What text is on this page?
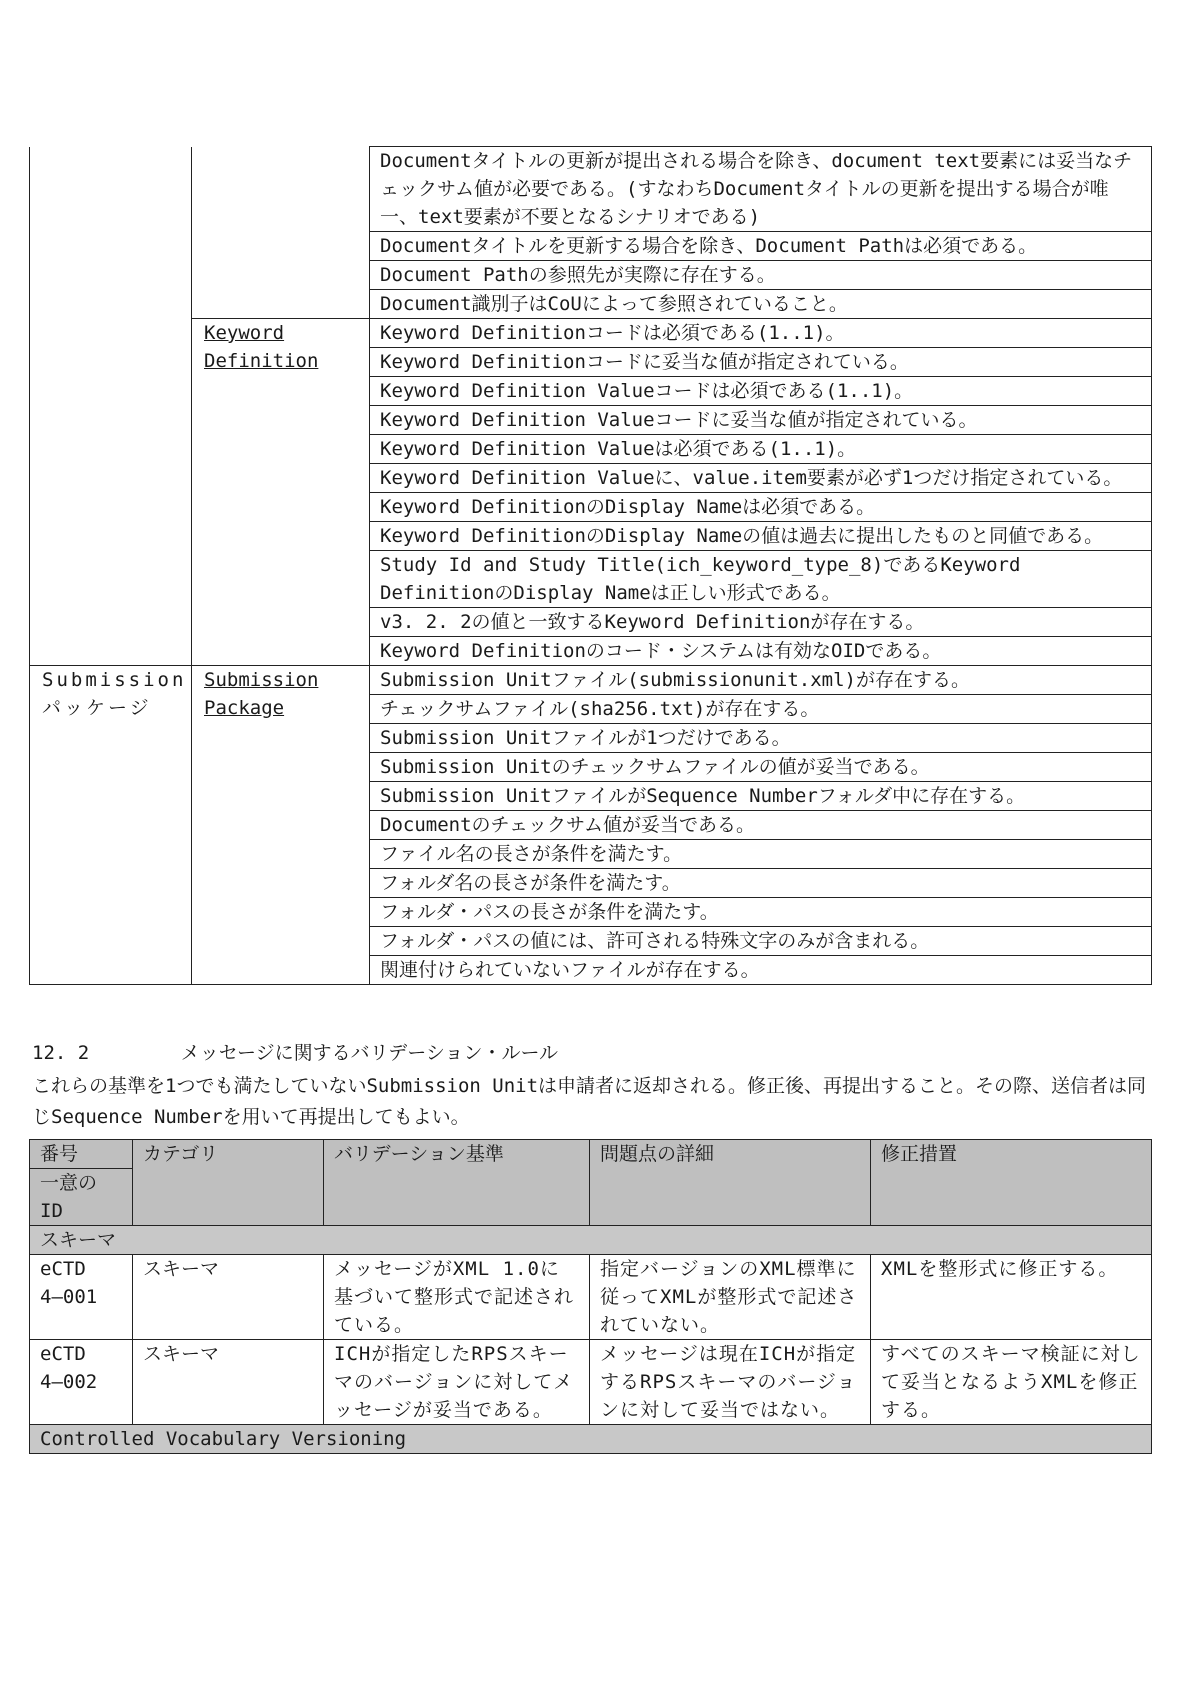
		Documentタイトルの更新が提出される場合を除き、document text要素には妥当なチェックサム値が必要である。(すなわちDocumentタイトルの更新を提出する場合が唯一、text要素が不要となるシナリオである)
		Documentタイトルを更新する場合を除き、Document Pathは必須である。
		Document Pathの参照先が実際に存在する。
		Document識別子はCoUによって参照されていること。
	Keyword
Definition	Keyword Definitionコードは必須である(1..1)。
		Keyword Definitionコードに妥当な値が指定されている。
		Keyword Definition Valueコードは必須である(1..1)。
		Keyword Definition Valueコードに妥当な値が指定されている。
		Keyword Definition Valueは必須である(1..1)。
		Keyword Definition Valueに、value.item要素が必ず1つだけ指定されている。
		Keyword DefinitionのDisplay Nameは必須である。
		Keyword DefinitionのDisplay Nameの値は過去に提出したものと同値である。
		Study Id and Study Title(ich_keyword_type_8)であるKeyword DefinitionのDisplay Nameは正しい形式である。
		v3. 2. 2の値と一致するKeyword Definitionが存在する。
		Keyword Definitionのコード・システムは有効なOIDである。
Submission
パッケージ	Submission
Package	Submission Unitファイル(submissionunit.xml)が存在する。
		チェックサムファイル(sha256.txt)が存在する。
		Submission Unitファイルが1つだけである。
		Submission Unitのチェックサムファイルの値が妥当である。
		Submission UnitファイルがSequence Numberフォルダ中に存在する。
		Documentのチェックサム値が妥当である。
		ファイル名の長さが条件を満たす。
		フォルダ名の長さが条件を満たす。
		フォルダ・パスの長さが条件を満たす。
		フォルダ・パスの値には、許可される特殊文字のみが含まれる。
		関連付けられていないファイルが存在する。
12. 2	メッセージに関するバリデーション・ルール
これらの基準を1つでも満たしていないSubmission Unitは申請者に返却される。修正後、再提出すること。その際、送信者は同じSequence Numberを用いて再提出してもよい。
番号
一意の
ID	カテゴリ	バリデーション基準	問題点の詳細	修正措置
スキーマ				
eCTD
4―001	スキーマ	メッセージがXML 1.0に基づいて整形式で記述されている。	指定バージョンのXML標準に従ってXMLが整形式で記述されていない。	XMLを整形式に修正する。
eCTD
4―002	スキーマ	ICHが指定したRPSスキーマのバージョンに対してメッセージが妥当である。	メッセージは現在ICHが指定するRPSスキーマのバージョンに対して妥当ではない。	すべてのスキーマ検証に対して妥当となるようXMLを修正する。
Controlled Vocabulary Versioning				
